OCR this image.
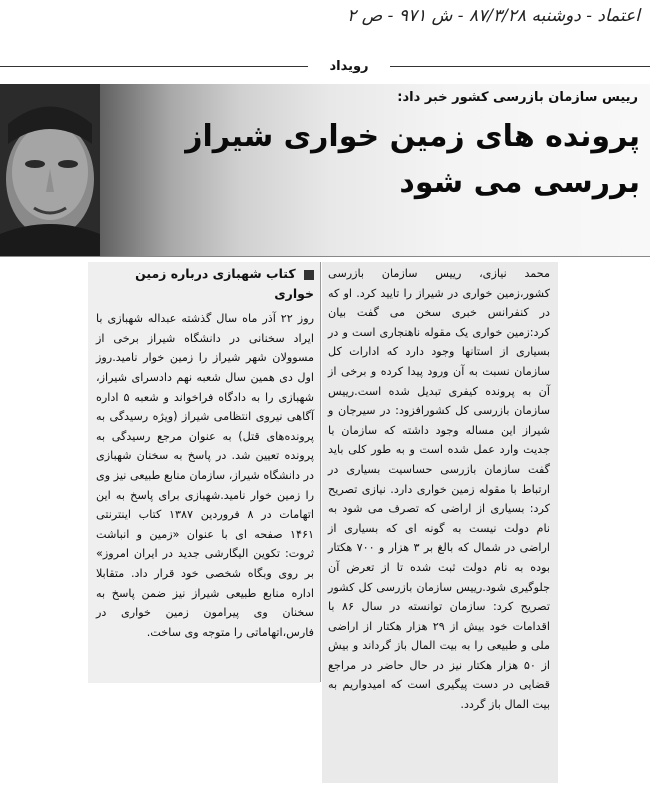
اعتماد - دوشنبه ۸۷/۳/۲۸ - ش ۹۷۱ - ص ۲
رویداد
رییس سازمان بازرسی کشور خبر داد:
پرونده های زمین خواری شیراز
بررسی می شود
محمد نیازی، رییس سازمان بازرسی کشور،زمین خواری در شیراز را تایید کرد. او که در کنفرانس خبری سخن می گفت بیان کرد:زمین خواری یک مقوله ناهنجاری است و در بسیاری از استانها وجود دارد که ادارات کل سازمان نسبت به آن ورود پیدا کرده و برخی از آن به پرونده کیفری تبدیل شده است.رییس سازمان بازرسی کل کشورافزود: در سیرجان و شیراز این مساله وجود داشته که سازمان با جدیت وارد عمل شده است و به طور کلی باید گفت سازمان بازرسی حساسیت بسیاری در ارتباط با مقوله زمین خواری دارد. نیازی تصریح کرد: بسیاری از اراضی که تصرف می شود به نام دولت نیست به گونه ای که بسیاری از اراضی در شمال که بالغ بر ۳ هزار و ۷۰۰ هکتار بوده به نام دولت ثبت شده تا از تعرض آن جلوگیری شود.رییس سازمان بازرسی کل کشور تصریح کرد: سازمان توانسته در سال ۸۶ با اقدامات خود بیش از ۲۹ هزار هکتار از اراضی ملی و طبیعی را به بیت المال باز گرداند و بیش از ۵۰ هزار هکتار نیز در حال حاضر در مراجع قضایی در دست پیگیری است که امیدواریم به بیت المال باز گردد.
کتاب شهبازی درباره زمین خواری
روز ۲۲ آذر ماه سال گذشته عبداله شهبازی با ایراد سخنانی در دانشگاه شیراز برخی از مسوولان شهر شیراز را زمین خوار نامید.روز اول دی همین سال شعبه نهم دادسرای شیراز، شهبازی را به دادگاه فراخواند و شعبه ۵ اداره آگاهی نیروی انتظامی شیراز (ویژه رسیدگی به پرونده‌های قتل) به عنوان مرجع رسیدگی به پرونده تعیین شد. در پاسخ به سخنان شهبازی در دانشگاه شیراز، سازمان منابع طبیعی نیز وی را زمین خوار نامید.شهبازی برای پاسخ به این اتهامات در ۸ فروردین ۱۳۸۷ کتاب اینترنتی ۱۴۶۱ صفحه ای با عنوان «زمین و انباشت ثروت: تکوین الیگارشی جدید در ایران امروز» بر روی وبگاه شخصی خود قرار داد. متقابلا اداره منابع طبیعی شیراز نیز ضمن پاسخ به سخنان وی پیرامون زمین خواری در فارس،اتهاماتی را متوجه وی ساخت.
